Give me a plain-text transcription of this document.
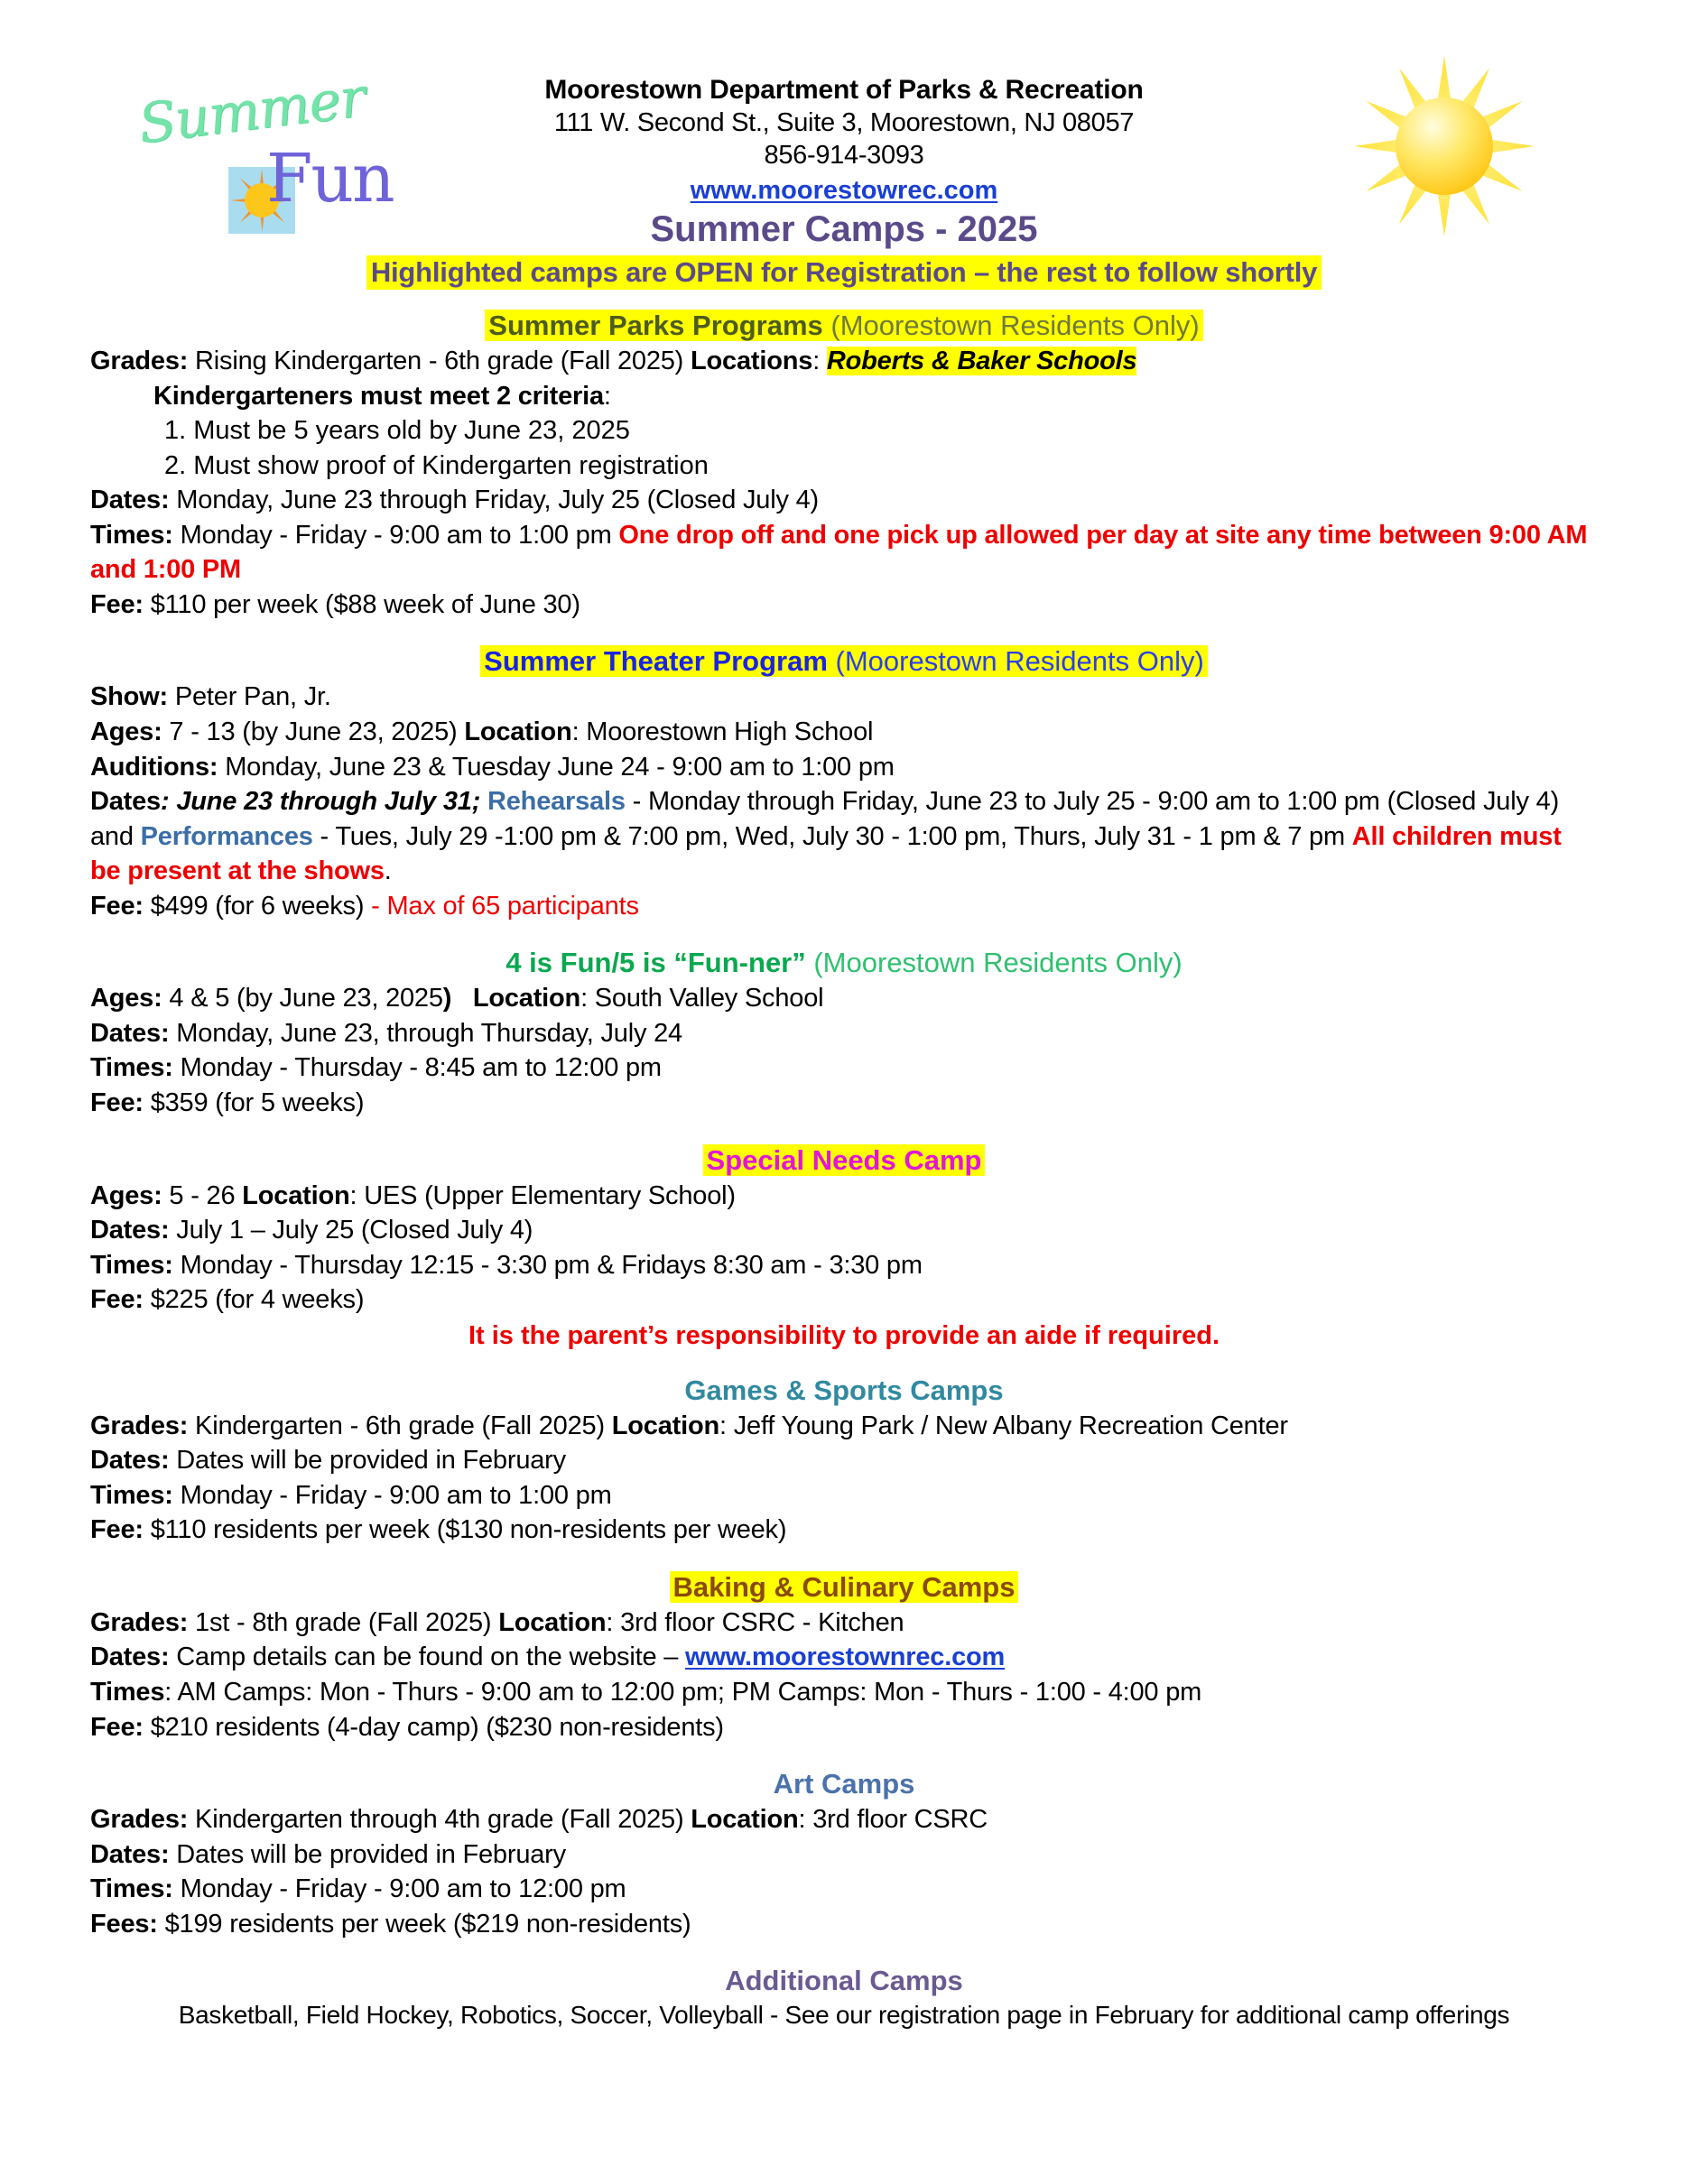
Summer
Fun
Moorestown Department of Parks & Recreation
111 W. Second St., Suite 3, Moorestown, NJ 08057
856-914-3093
www.moorestowrec.com
Summer Camps - 2025
Highlighted camps are OPEN for Registration – the rest to follow shortly
Summer Parks Programs (Moorestown Residents Only)
Grades: Rising Kindergarten - 6th grade (Fall 2025) Locations: Roberts & Baker Schools
Kindergarteners must meet 2 criteria:
1. Must be 5 years old by June 23, 2025
2. Must show proof of Kindergarten registration
Dates: Monday, June 23 through Friday, July 25 (Closed July 4)
Times: Monday - Friday - 9:00 am to 1:00 pm One drop off and one pick up allowed per day at site any time between 9:00 AM and 1:00 PM
Fee: $110 per week ($88 week of June 30)
Summer Theater Program (Moorestown Residents Only)
Show: Peter Pan, Jr.
Ages: 7 - 13 (by June 23, 2025) Location: Moorestown High School
Auditions: Monday, June 23 & Tuesday June 24 - 9:00 am to 1:00 pm
Dates: June 23 through July 31; Rehearsals - Monday through Friday, June 23 to July 25 - 9:00 am to 1:00 pm (Closed July 4) and Performances - Tues, July 29 -1:00 pm & 7:00 pm, Wed, July 30 - 1:00 pm, Thurs, July 31 - 1 pm & 7 pm All children must be present at the shows.
Fee: $499 (for 6 weeks) - Max of 65 participants
4 is Fun/5 is “Fun-ner” (Moorestown Residents Only)
Ages: 4 & 5 (by June 23, 2025) Location: South Valley School
Dates: Monday, June 23, through Thursday, July 24
Times: Monday - Thursday - 8:45 am to 12:00 pm
Fee: $359 (for 5 weeks)
Special Needs Camp
Ages: 5 - 26 Location: UES (Upper Elementary School)
Dates: July 1 – July 25 (Closed July 4)
Times: Monday - Thursday 12:15 - 3:30 pm & Fridays 8:30 am - 3:30 pm
Fee: $225 (for 4 weeks)
It is the parent’s responsibility to provide an aide if required.
Games & Sports Camps
Grades: Kindergarten - 6th grade (Fall 2025) Location: Jeff Young Park / New Albany Recreation Center
Dates: Dates will be provided in February
Times: Monday - Friday - 9:00 am to 1:00 pm
Fee: $110 residents per week ($130 non-residents per week)
Baking & Culinary Camps
Grades: 1st - 8th grade (Fall 2025) Location: 3rd floor CSRC - Kitchen
Dates: Camp details can be found on the website – www.moorestownrec.com
Times: AM Camps: Mon - Thurs - 9:00 am to 12:00 pm; PM Camps: Mon - Thurs - 1:00 - 4:00 pm
Fee: $210 residents (4-day camp) ($230 non-residents)
Art Camps
Grades: Kindergarten through 4th grade (Fall 2025) Location: 3rd floor CSRC
Dates: Dates will be provided in February
Times: Monday - Friday - 9:00 am to 12:00 pm
Fees: $199 residents per week ($219 non-residents)
Additional Camps
Basketball, Field Hockey, Robotics, Soccer, Volleyball - See our registration page in February for additional camp offerings
